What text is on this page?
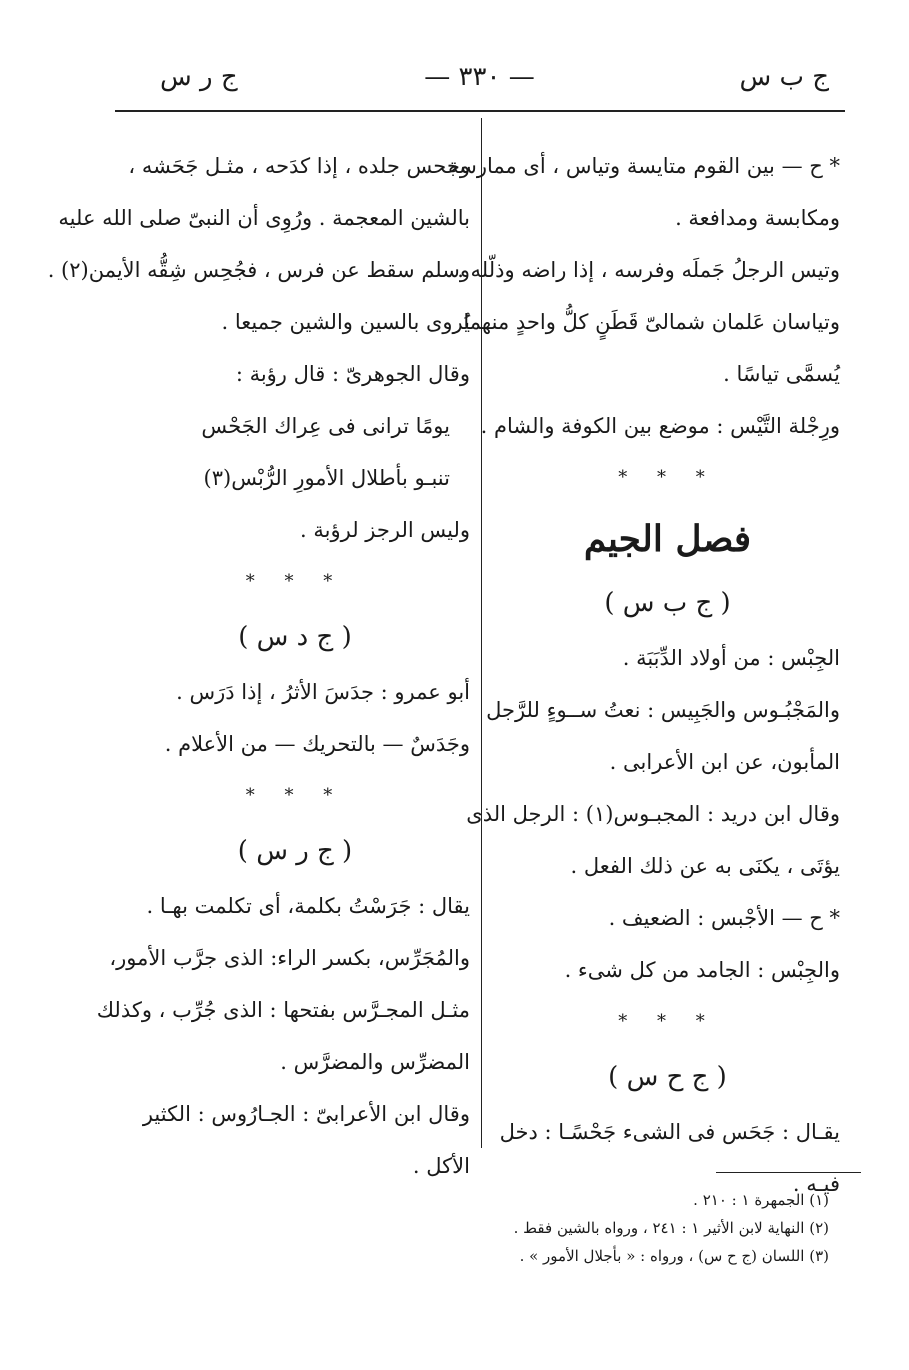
ج ب س
— ٣٣٠ —
ج ر س
* ح — بين القوم متايسة وتياس ، أى ممارسة
ومكابسة ومدافعة .
وتيس الرجلُ جَملَه وفرسه ، إذا راضه وذلّله .
وتياسان عَلمان شمالىّ قَطَنٍ كلُّ واحدٍ منهما
يُسمَّى تياسًا .
ورِجْلة التَّيْس : موضع بين الكوفة والشام .
* * *
فصل الجيم
( ج ب س )
الجِبْس : من أولاد الدِّبَبَة .
والمَجْبُـوس والجَبِيس : نعتُ ســوءٍ للرَّجل
المأبون، عن ابن الأعرابى .
وقال ابن دريد : المجبـوس(١) : الرجل الذى
يؤتَى ، يكنَى به عن ذلك الفعل .
* ح — الأجْبس : الضعيف .
والجِبْس : الجامد من كل شىء .
* * *
( ج ح س )
يقـال : جَحَس فى الشىء جَحْسًـا : دخل
فيـه .
وجحس جلده ، إذا كدَحه ، مثـل جَحَشه ،
بالشين المعجمة . ورُوِى أن النبىّ صلى الله عليه
وسلم سقط عن فرس ، فجُحِس شِقُّه الأيمن(٢) .
يُروى بالسين والشين جميعا .
وقال الجوهرىّ : قال رؤبة :
يومًا ترانى فى عِراك الجَحْس
تنبـو بأطلال الأمورِ الرُّبْس(٣)
وليس الرجز لرؤبة .
* * *
( ج د س )
أبو عمرو : جدَسَ الأثرُ ، إذا دَرَس .
وجَدَسٌ — بالتحريك — من الأعلام .
* * *
( ج ر س )
يقال : جَرَسْتُ بكلمة، أى تكلمت بهـا .
والمُجَرِّس، بكسر الراء: الذى جرَّب الأمور،
مثـل المجـرَّس بفتحها : الذى جُرِّب ، وكذلك
المضرِّس والمضرَّس .
وقال ابن الأعرابىّ : الجـارُوس : الكثير
الأكل .
(١) الجمهرة ١ : ٢١٠ .
(٢) النهاية لابن الأثير ١ : ٢٤١ ، ورواه بالشين فقط .
(٣) اللسان (ج ح س) ، ورواه : « بأجلال الأمور » .
